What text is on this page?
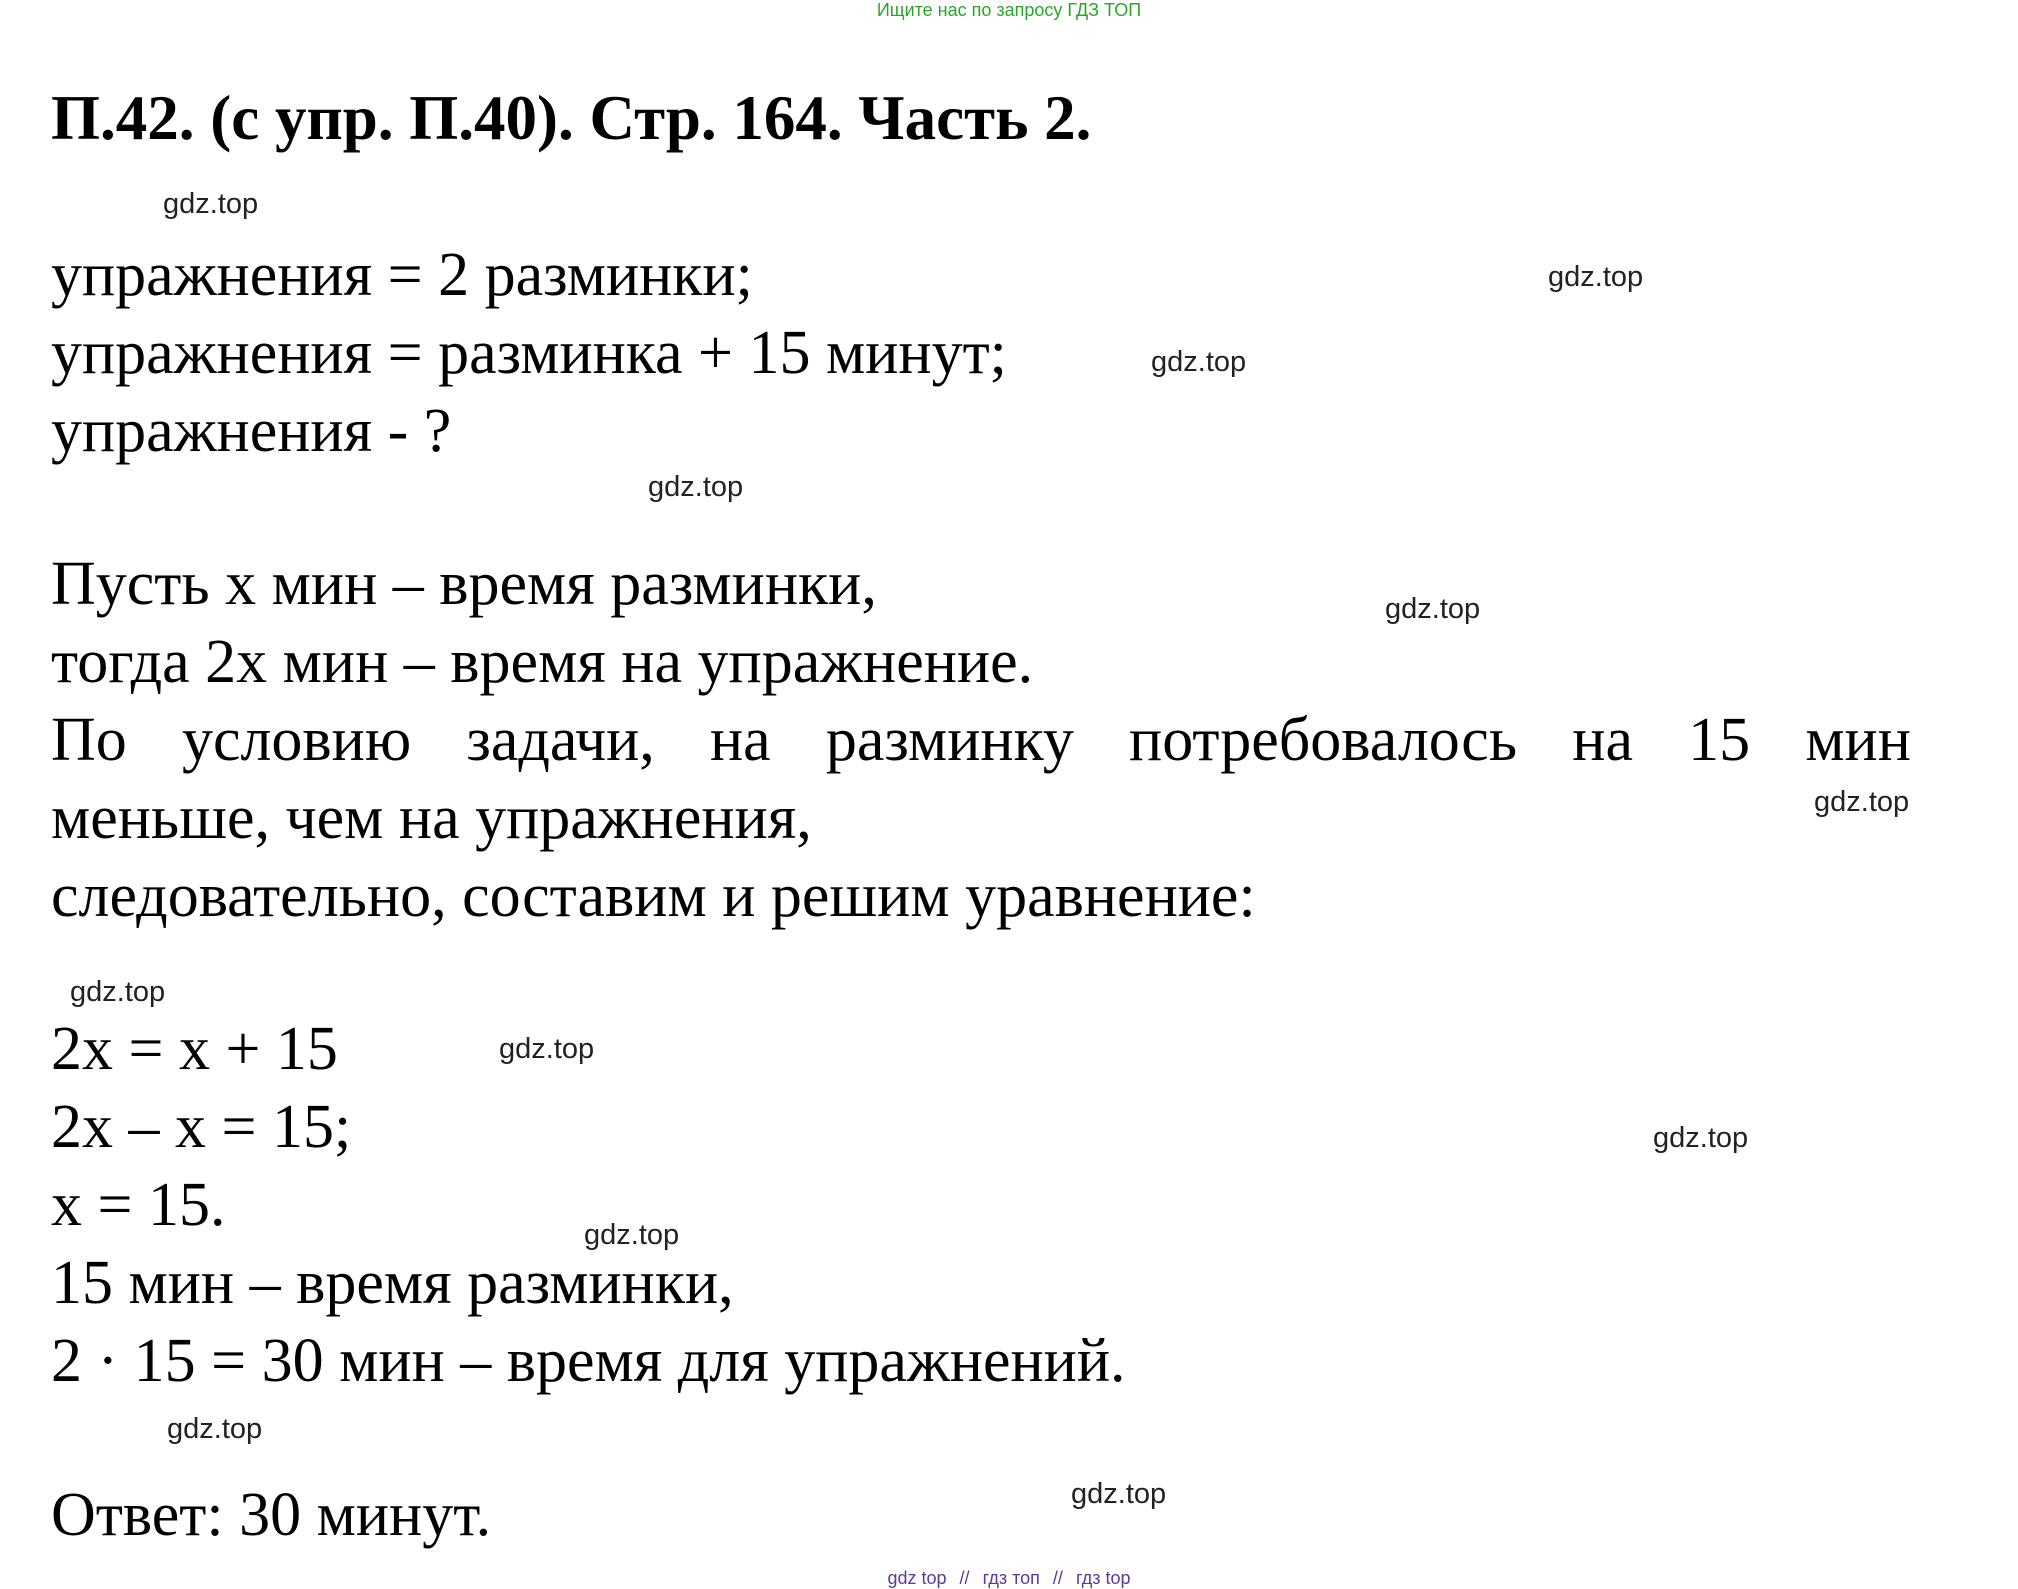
Ищите нас по запросу ГДЗ ТОП
П.42. (с упр. П.40). Стр. 164. Часть 2.
упражнения = 2 разминки;
упражнения = разминка + 15 минут;
упражнения - ?
Пусть х мин – время разминки,
тогда 2х мин – время на упражнение.
По условию задачи, на разминку потребовалось на 15 мин
меньше, чем на упражнения,
следовательно, составим и решим уравнение:
2х = х + 15
2х – х = 15;
х = 15.
15 мин – время разминки,
2 · 15 = 30 мин – время для упражнений.
Ответ: 30 минут.
gdz.top
gdz.top
gdz.top
gdz.top
gdz.top
gdz.top
gdz.top
gdz.top
gdz.top
gdz.top
gdz.top
gdz.top
gdz top // гдз топ // гдз top
